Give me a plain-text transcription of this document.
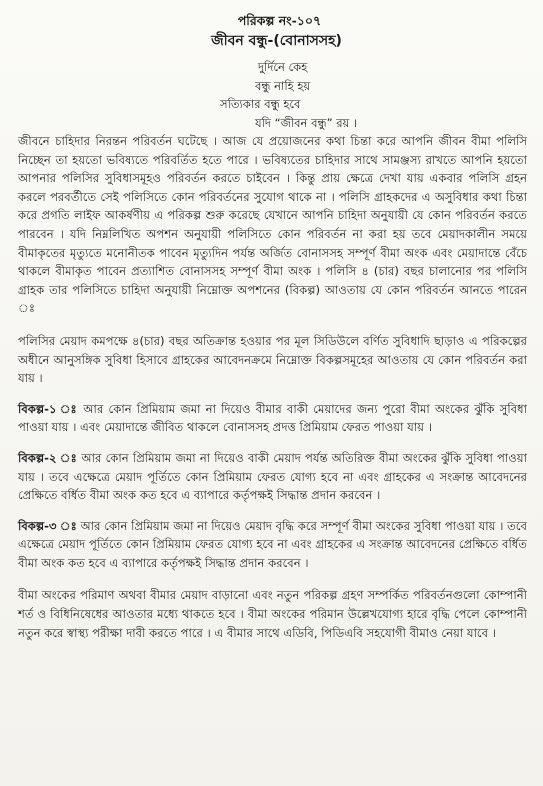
পরিকল্প নং-১০৭
জীবন বন্ধু-(বোনাসসহ)
দুর্দিনে কেহ
বন্ধু নাহি হয়
সত্যিকার বন্ধু হবে
যদি “জীবন বন্ধু” রয় ।

জীবনে চাহিদার নিরন্তন পরিবর্তন ঘটেছে । আজ যে প্রয়োজনের কথা চিন্তা করে আপনি জীবন বীমা পলিসি নিচ্ছেন তা হয়তো ভবিষ্যতে পরিবর্তিত হতে পারে । ভবিষ্যতের চাহিদার সাথে সামঞ্জস্য রাখতে আপনি হয়তো আপনার পলিসির সুবিধাসমূহও পরিবর্তন করতে চাইবেন । কিন্তু প্রায় ক্ষেত্রে দেখা যায় একবার পলিসি গ্রহন করলে পরবর্তীতে সেই পলিসিতে কোন পরিবর্তনের সুযোগ থাকে না । পলিসি গ্রাহকদের এ অসুবিধার কথা চিন্তা করে প্রগতি লাইফ আকর্ষণীয় এ পরিকল্প শুরু করেছে যেখানে আপনি চাহিদা অনুযায়ী যে কোন পরিবর্তন করতে পারবেন । যদি নিম্নলিখিত অপশন অনুযায়ী পলিসিতে কোন পরিবর্তন না করা হয় তবে মেয়াদকালীন সময়ে বীমাকৃতের মৃত্যুতে মনোনীতক পাবেন মৃত্যুদিন পর্যন্ত অর্জিত বোনাসসহ সম্পূর্ণ বীমা অংক এবং মেয়াদান্তে বেঁচে থাকলে বীমাকৃত পাবেন প্রত্যাশিত বোনাসসহ সম্পূর্ণ বীমা অংক । পলিসি ৪ (চার) বছর চালানোর পর পলিসি গ্রাহক তার পলিসিতে চাহিদা অনুযায়ী নিম্নোক্ত অপশনের (বিকল্প) আওতায় যে কোন পরিবর্তন আনতে পারেন ঃ

পলিসির মেয়াদ কমপক্ষে ৪(চার) বছর অতিক্রান্ত হওয়ার পর মূল সিডিউলে বর্ণিত সুবিধাদি ছাড়াও এ পরিকল্পের অধীনে আনুসঙ্গিক সুবিধা হিসাবে গ্রাহকের আবেদনক্রমে নিম্নোক্ত বিকল্পসমূহের আওতায় যে কোন পরিবর্তন করা যায় ।

বিকল্প-১ ঃ আর কোন প্রিমিয়াম জমা না দিয়েও বীমার বাকী মেয়াদের জন্য পুরো বীমা অংকের ঝুঁকি সুবিধা পাওয়া যায় । এবং মেয়াদান্তে জীবিত থাকলে বোনাসসহ প্রদত্ত প্রিমিয়াম ফেরত পাওয়া যায় ।

বিকল্প-২ ঃ আর কোন প্রিমিয়াম জমা না দিয়েও বাকী মেয়াদ পর্যন্ত অতিরিক্ত বীমা অংকের ঝুঁকি সুবিধা পাওয়া যায় । তবে এক্ষেত্রে মেয়াদ পূর্তিতে কোন প্রিমিয়াম ফেরত যোগ্য হবে না এবং গ্রাহকের এ সংক্রান্ত আবেদনের প্রেক্ষিতে বর্ধিত বীমা অংক কত হবে এ ব্যাপারে কর্তৃপক্ষই সিদ্ধান্ত প্রদান করবেন ।

বিকল্প-৩ ঃ আর কোন প্রিমিয়াম জমা না দিয়েও মেয়াদ বৃদ্ধি করে সম্পূর্ণ বীমা অংকের সুবিধা পাওয়া যায় । তবে এক্ষেত্রে মেয়াদ পূর্তিতে কোন প্রিমিয়াম ফেরত যোগ্য হবে না এবং গ্রাহকের এ সংক্রান্ত আবেদনের প্রেক্ষিতে বর্ধিত বীমা অংক কত হবে এ ব্যাপারে কর্তৃপক্ষই সিদ্ধান্ত প্রদান করবেন ।

বীমা অংকের পরিমাণ অথবা বীমার মেয়াদ বাড়ানো এবং নতুন পরিকল্প গ্রহণ সম্পর্কিত পরিবর্তনগুলো কোম্পানী শর্ত ও বিধিনিষেধের আওতার মধ্যে থাকতে হবে । বীমা অংকের পরিমান উল্লেখযোগ্য হারে বৃদ্ধি পেলে কোম্পানী নতুন করে স্বাস্থ্য পরীক্ষা দাবী করতে পারে । এ বীমার সাথে এডিবি, পিডিএবি সহযোগী বীমাও নেয়া যাবে ।
